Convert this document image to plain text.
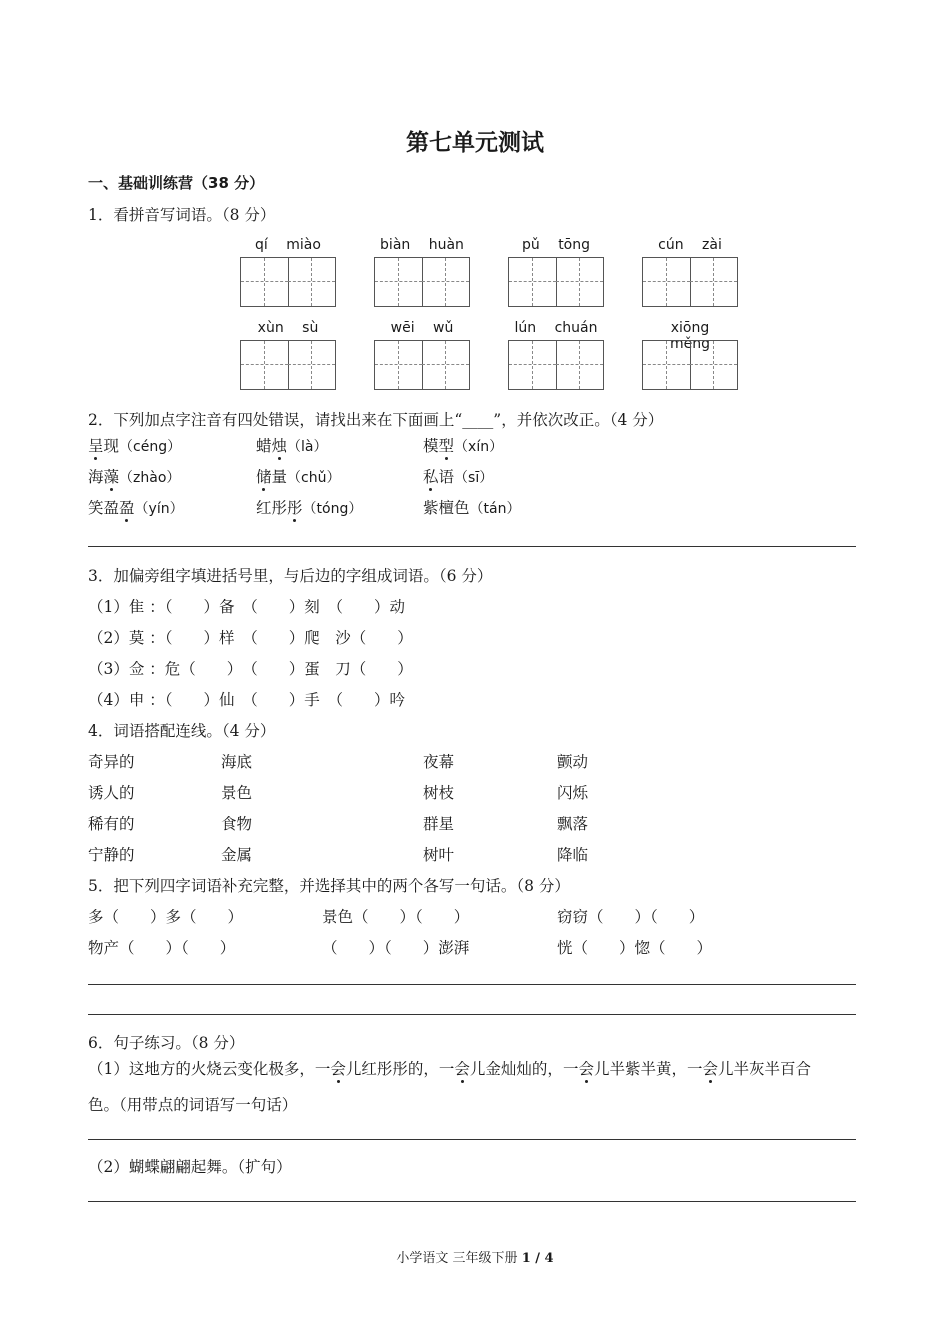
第七单元测试
一、基础训练营（38 分）
1．看拼音写词语。（8 分）
qí miào	biàn huàn	pǔ tōng	cún zài
xùn sù	wēi wǔ	lún chuán	xiōng měng
2．下列加点字注音有四处错误，请找出来在下面画上“____”，并依次改正。（4 分）
呈现（céng）	蜡烛（là）	模型（xín）
海藻（zhào）	储量（chǔ）	私语（sī）
笑盈盈（yín）	红彤彤（tóng）	紫檀色（tán）
3．加偏旁组字填进括号里，与后边的字组成词语。（6 分）
（1）隹 ：（　　）备　（　　）刻　（　　）动
（2）莫 ：（　　）样　（　　）爬　沙（　　）
（3）佥 ：危（　　）　（　　）蛋　刀（　　）
（4）申 ：（　　）仙　（　　）手　（　　）吟
4．词语搭配连线。（4 分）
奇异的	海底	夜幕	颤动
诱人的	景色	树枝	闪烁
稀有的	食物	群星	飘落
宁静的	金属	树叶	降临
5．把下列四字词语补充完整，并选择其中的两个各写一句话。（8 分）
多（　　）多（　　）	景色（　　）（　　）	窃窃（　　）（　　）
物产（　　）（　　）	（　　）（　　）澎湃	恍（　　）惚（　　）
6．句子练习。（8 分）
（1）这地方的火烧云变化极多，一会儿红彤彤的，一会儿金灿灿的，一会儿半紫半黄，一会儿半灰半百合
色。（用带点的词语写一句话）
（2）蝴蝶翩翩起舞。（扩句）
小学语文 三年级下册 1 / 4
